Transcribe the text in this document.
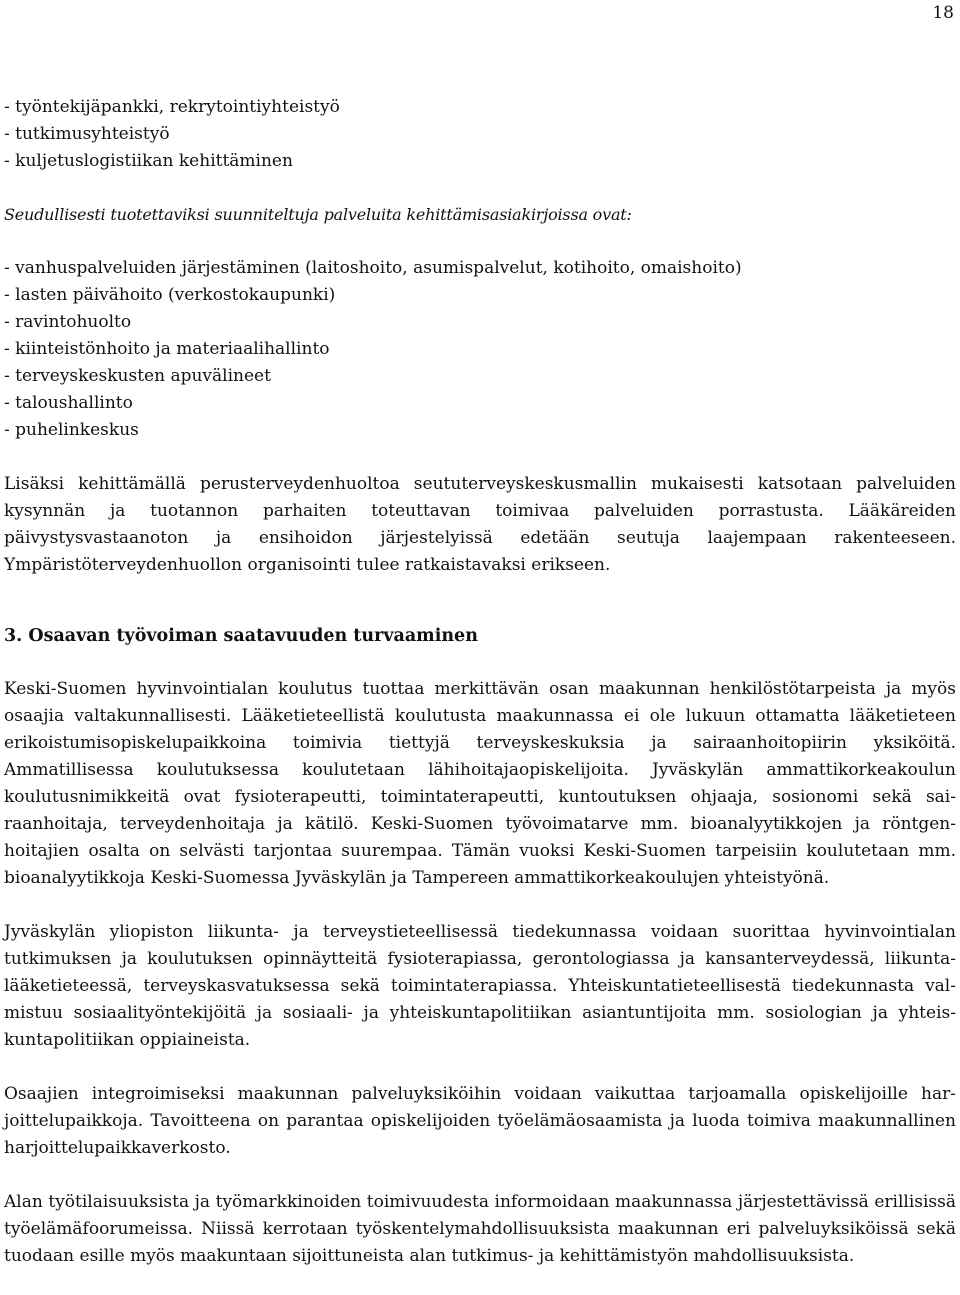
18
- työntekijäpankki, rekrytointiyhteistyö
- tutkimusyhteistyö
- kuljetuslogistiikan kehittäminen

Seudullisesti tuotettaviksi suunniteltuja palveluita kehittämisasiakirjoissa ovat:

- vanhuspalveluiden järjestäminen (laitoshoito, asumispalvelut, kotihoito, omaishoito)
- lasten päivähoito (verkostokaupunki)
- ravintohuolto
- kiinteistönhoito ja materiaalihallinto
- terveyskeskusten apuvälineet
- taloushallinto
- puhelinkeskus

Lisäksi kehittämällä perusterveydenhuoltoa seututerveyskeskusmallin mukaisesti katsotaan palveluiden kysynnän ja tuotannon parhaiten toteuttavan toimivaa palveluiden porrastusta. Lääkäreiden päivystysvastaanoton ja ensihoidon järjestelyissä edetään seutuja laajempaan rakenteeseen. Ympäristöterveydenhuollon organisointi tulee ratkaistavaksi erikseen.

3. Osaavan työvoiman saatavuuden turvaaminen

Keski-Suomen hyvinvointialan koulutus tuottaa merkittävän osan maakunnan henkilöstötarpeista ja myös osaajia valtakunnallisesti. Lääketieteellistä koulutusta maakunnassa ei ole lukuun ottamatta lääketieteen erikoistumisopiskelupaikkoina toimivia tiettyjä terveyskeskuksia ja sairaanhoitopiirin yksiköitä. Ammatillisessa koulutuksessa koulutetaan lähihoitajaopiskelijoita. Jyväskylän ammattikorkeakoulun koulutusnimikkeitä ovat fysioterapeutti, toimintaterapeutti, kuntoutuksen ohjaaja, sosionomi sekä sairaanhoitaja, terveydenhoitaja ja kätilö. Keski-Suomen työvoimatarve mm. bioanalyytikkojen ja röntgenhoitajien osalta on selvästi tarjontaa suurempaa. Tämän vuoksi Keski-Suomen tarpeisiin koulutetaan mm. bioanalyytikkoja Keski-Suomessa Jyväskylän ja Tampereen ammattikorkeakoulujen yhteistyönä.

Jyväskylän yliopiston liikunta- ja terveystieteellisessä tiedekunnassa voidaan suorittaa hyvinvointialan tutkimuksen ja koulutuksen opinnäytteitä fysioterapiassa, gerontologiassa ja kansanterveydessä, liikuntalääketieteessä, terveyskasvatuksessa sekä toimintaterapiassa. Yhteiskuntatieteellisestä tiedekunnasta valmistuu sosiaalityöntekijöitä ja sosiaali- ja yhteiskuntapolitiikan asiantuntijoita mm. sosiologian ja yhteiskuntapolitiikan oppiaineista.

Osaajien integroimiseksi maakunnan palveluyksiköihin voidaan vaikuttaa tarjoamalla opiskelijoille harjoittelupaikkoja. Tavoitteena on parantaa opiskelijoiden työelämäosaamista ja luoda toimiva maakunnallinen harjoittelupaikkaverkosto.

Alan työtilaisuuksista ja työmarkkinoiden toimivuudesta informoidaan maakunnassa järjestettävissä erillisissä työelämäfoorumeissa. Niissä kerrotaan työskentelymahdollisuuksista maakunnan eri palveluyksiköissä sekä tuodaan esille myös maakuntaan sijoittuneista alan tutkimus- ja kehittämistyön mahdollisuuksista.
